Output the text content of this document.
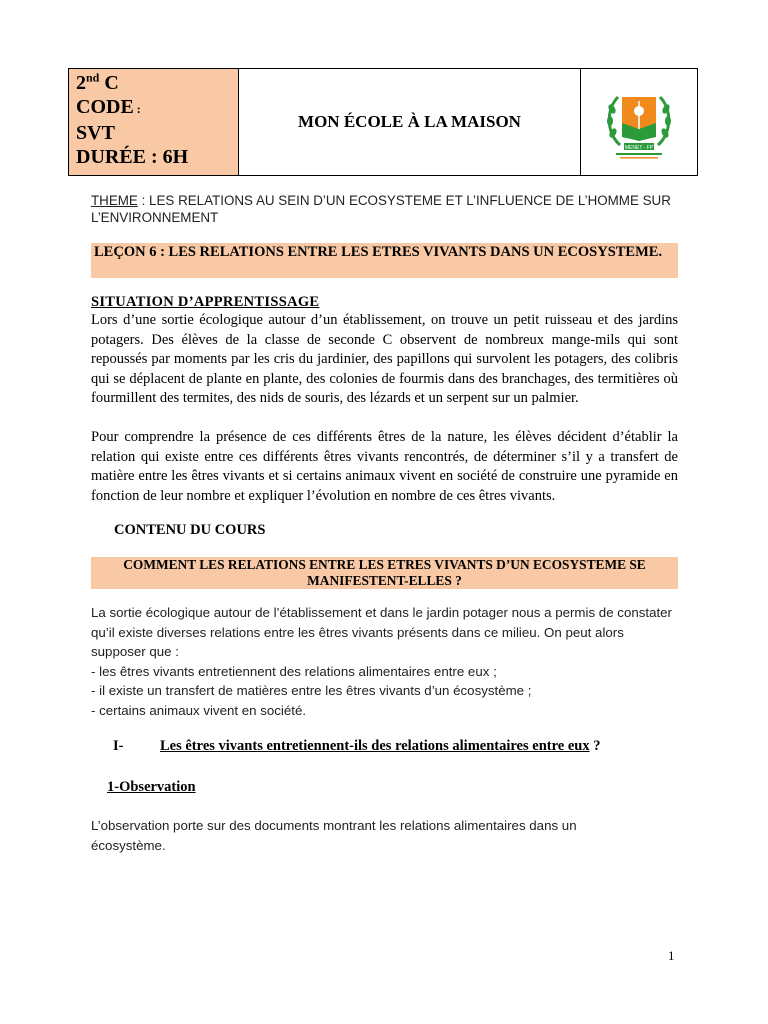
2nd C
CODE :
SVT
DURÉE : 6H
MON ÉCOLE À LA MAISON
MENET - FP
THEME : LES RELATIONS AU SEIN D’UN ECOSYSTEME ET L’INFLUENCE DE L’HOMME SUR L’ENVIRONNEMENT
LEÇON 6 : LES RELATIONS ENTRE LES ETRES VIVANTS DANS UN ECOSYSTEME.
SITUATION D’APPRENTISSAGE
Lors d’une sortie écologique autour d’un établissement, on trouve un petit ruisseau et des jardins potagers. Des élèves de la classe de seconde C observent de nombreux mange-mils qui sont repoussés par moments par les cris du jardinier, des papillons qui survolent les potagers, des colibris qui se déplacent de plante en plante, des colonies de fourmis dans des branchages, des termitières où fourmillent des termites, des nids de souris, des lézards et un serpent sur un palmier.
Pour comprendre la présence de ces différents êtres de la nature, les élèves décident d’établir la relation qui existe entre ces différents êtres vivants rencontrés, de déterminer s’il y a transfert de matière entre les êtres vivants et si certains animaux vivent en société de construire une pyramide en fonction de leur nombre et expliquer l’évolution en nombre de ces êtres vivants.
CONTENU DU COURS
COMMENT LES RELATIONS ENTRE LES ETRES VIVANTS D’UN ECOSYSTEME SE MANIFESTENT-ELLES ?
La sortie écologique autour de l’établissement et dans le jardin potager nous a permis de constater qu’il existe diverses relations entre les êtres vivants présents dans ce milieu. On peut alors supposer que :
- les êtres vivants entretiennent des relations alimentaires entre eux ;
- il existe un transfert de matières entre les êtres vivants d’un écosystème ;
- certains animaux vivent en société.
I-	Les êtres vivants entretiennent-ils des relations alimentaires entre eux ?
1-Observation
L’observation porte sur des documents montrant les relations alimentaires dans un écosystème.
1
